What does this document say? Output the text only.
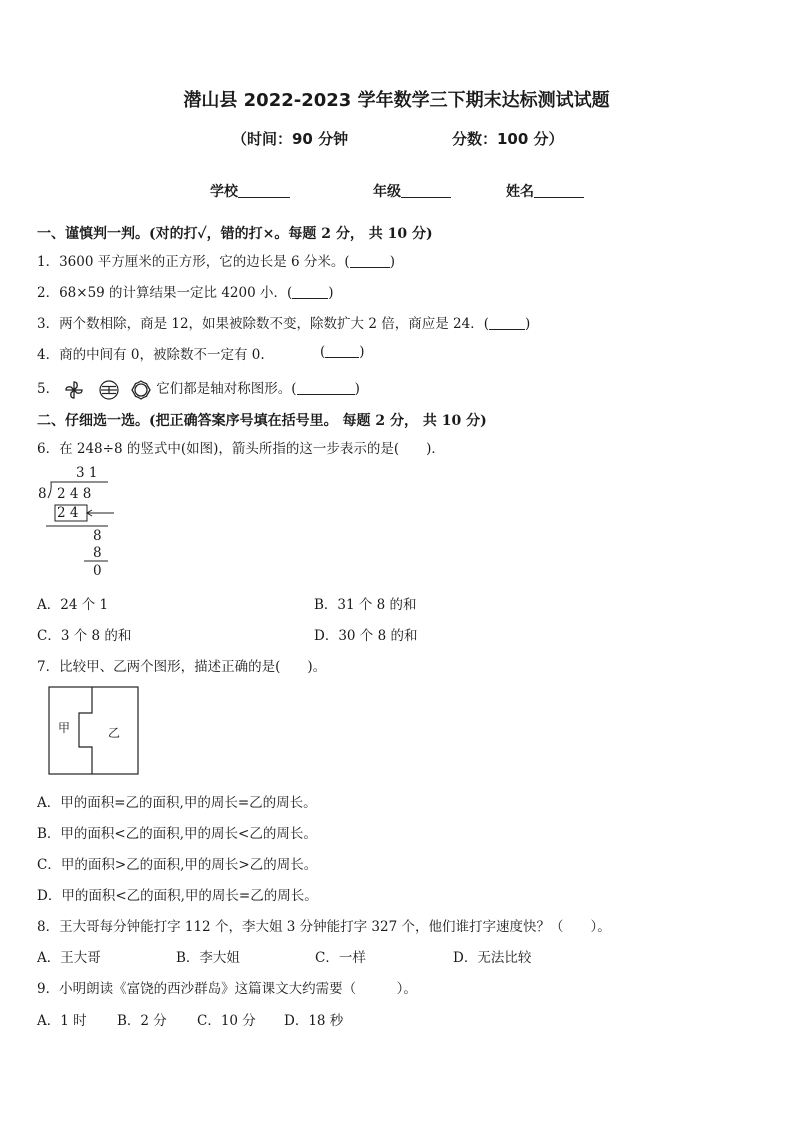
潜山县 2022-2023 学年数学三下期末达标测试试题
（时间：90 分钟	分数：100 分）
学校	年级	姓名
一、谨慎判一判。(对的打✓，错的打×。每题 2 分， 共 10 分)
1．3600 平方厘米的正方形，它的边长是 6 分米。(	)
2．68×59 的计算结果一定比 4200 小．(	)
3．两个数相除，商是 12，如果被除数不变，除数扩大 2 倍，商应是 24．(	)
4．商的中间有 0，被除数不一定有 0.	(	)
5．	它们都是轴对称图形。(	)
二、仔细选一选。(把正确答案序号填在括号里。 每题 2 分， 共 10 分)
6．在 248÷8 的竖式中(如图)，箭头所指的这一步表示的是(　　)．
3 1
8 2 4 8
2 4
8
8
0
A．24 个 1	B．31 个 8 的和
C．3 个 8 的和	D．30 个 8 的和
7．比较甲、乙两个图形，描述正确的是(　　)。
甲	乙
A．甲的面积=乙的面积,甲的周长=乙的周长。
B．甲的面积<乙的面积,甲的周长<乙的周长。
C．甲的面积>乙的面积,甲的周长>乙的周长。
D．甲的面积<乙的面积,甲的周长=乙的周长。
8．王大哥每分钟能打字 112 个，李大姐 3 分钟能打字 327 个，他们谁打字速度快？（　　）。
A．王大哥	B．李大姐	C．一样	D．无法比较
9．小明朗读《富饶的西沙群岛》这篇课文大约需要（　　　）。
A．1 时 B．2 分 C．10 分 D．18 秒
